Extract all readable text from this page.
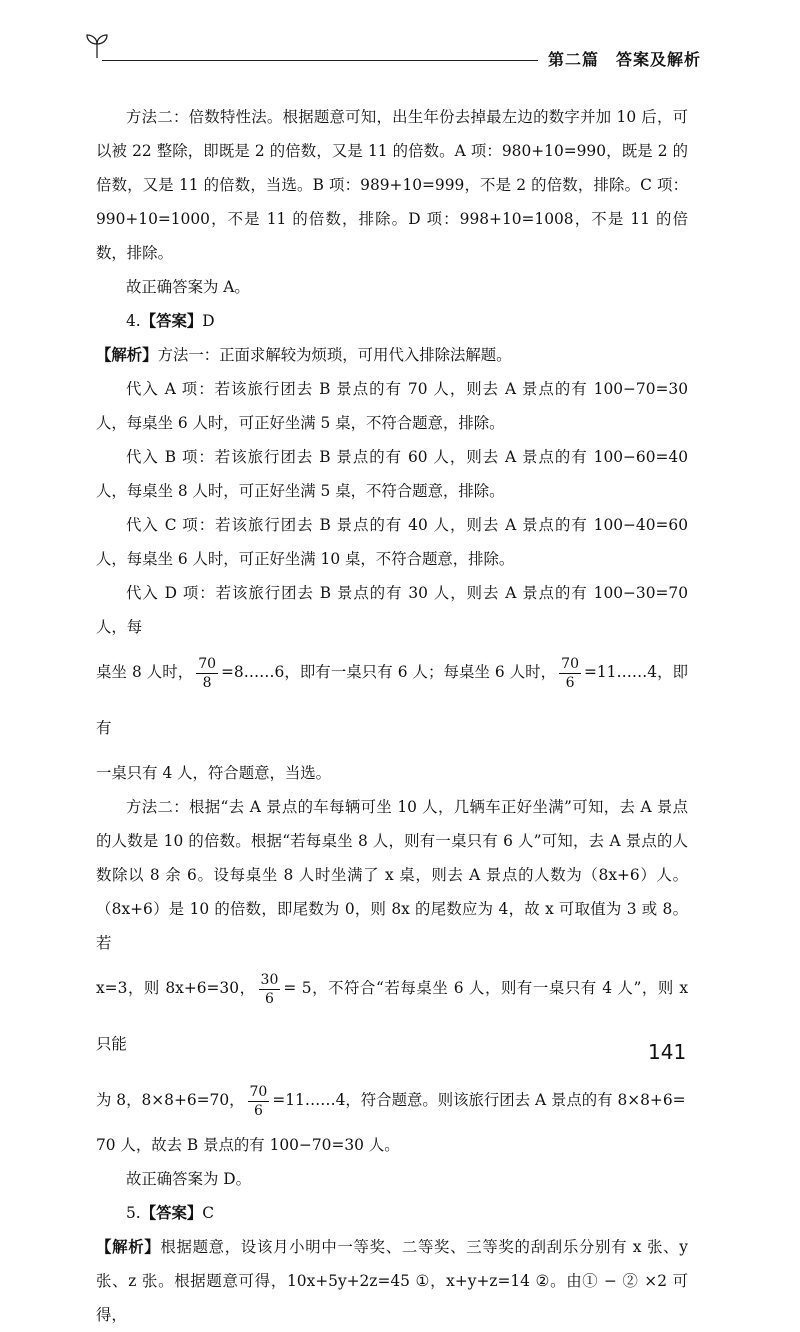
第二篇　答案及解析

方法二：倍数特性法。根据题意可知，出生年份去掉最左边的数字并加 10 后，可以被 22 整除，即既是 2 的倍数，又是 11 的倍数。A 项：980+10=990，既是 2 的倍数，又是 11 的倍数，当选。B 项：989+10=999，不是 2 的倍数，排除。C 项：990+10=1000，不是 11 的倍数，排除。D 项：998+10=1008，不是 11 的倍数，排除。

故正确答案为 A。

4.【答案】D

【解析】方法一：正面求解较为烦琐，可用代入排除法解题。

代入 A 项：若该旅行团去 B 景点的有 70 人，则去 A 景点的有 100−70=30 人，每桌坐 6 人时，可正好坐满 5 桌，不符合题意，排除。

代入 B 项：若该旅行团去 B 景点的有 60 人，则去 A 景点的有 100−60=40 人，每桌坐 8 人时，可正好坐满 5 桌，不符合题意，排除。

代入 C 项：若该旅行团去 B 景点的有 40 人，则去 A 景点的有 100−40=60 人，每桌坐 6 人时，可正好坐满 10 桌，不符合题意，排除。

代入 D 项：若该旅行团去 B 景点的有 30 人，则去 A 景点的有 100−30=70 人，每

桌坐 8 人时， $\frac{70}{8}$ =8……6，即有一桌只有 6 人；每桌坐 6 人时， $\frac{70}{6}$ =11……4，即有

一桌只有 4 人，符合题意，当选。

方法二：根据“去 A 景点的车每辆可坐 10 人，几辆车正好坐满”可知，去 A 景点的人数是 10 的倍数。根据“若每桌坐 8 人，则有一桌只有 6 人”可知，去 A 景点的人数除以 8 余 6。设每桌坐 8 人时坐满了 x 桌，则去 A 景点的人数为（8x+6）人。（8x+6）是 10 的倍数，即尾数为 0，则 8x 的尾数应为 4，故 x 可取值为 3 或 8。若

x=3，则 8x+6=30， $\frac{30}{6} = 5$，不符合“若每桌坐 6 人，则有一桌只有 4 人”，则 x 只能

为 8，8×8+6=70， $\frac{70}{6}$ =11……4，符合题意。则该旅行团去 A 景点的有 8×8+6=

70 人，故去 B 景点的有 100−70=30 人。

故正确答案为 D。

5.【答案】C

【解析】根据题意，设该月小明中一等奖、二等奖、三等奖的刮刮乐分别有 x 张、y 张、z 张。根据题意可得，10x+5y+2z=45 ①，x+y+z=14 ②。由① − ② ×2 可得，

141
